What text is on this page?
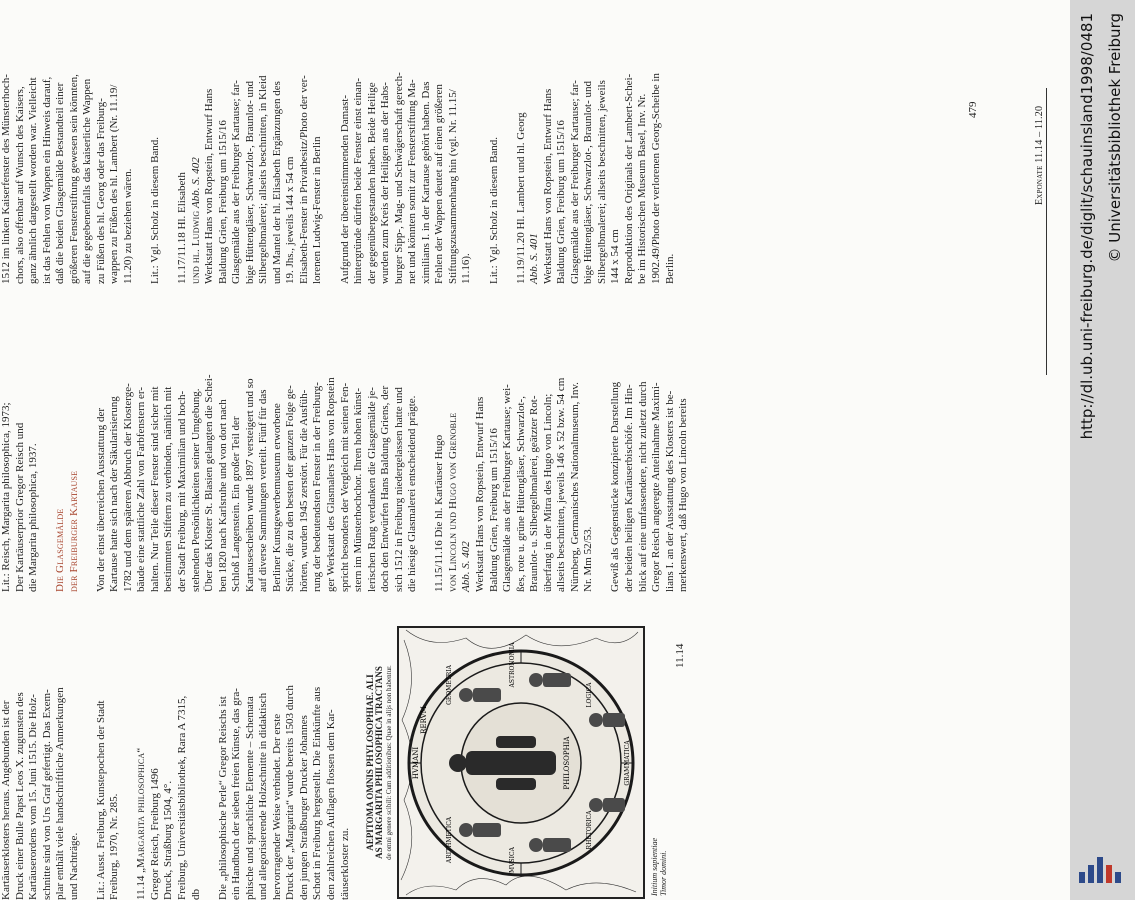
Exponate 11.14 – 11.20
479

Kartäuserklosters heraus. Angebunden ist der Druck einer Bulle Papst Leos X. zugunsten des Kartäuserordens vom 15. Juni 1515. Die Holz- schnitte sind von Urs Graf gefertigt. Das Exem- plar enthält viele handschriftliche Anmerkungen und Nachträge. Lit.: Ausst. Freiburg, Kunstepochen der Stadt Freiburg, 1970, Nr. 285. 11.14 „Margarita philosophica“

Gregor Reisch, Freiburg 1496 Druck, Straßburg 1504, 4°. Freiburg, Universitätsbibliothek, Rara A 7315, db Die „philosophische Perle“ Gregor Reischs ist ein Handbuch der sieben freien Künste, das gra- phische und sprachliche Elemente – Schemata und allegorisierende Holzschnitte in didaktisch hervorragender Weise verbindet. Der erste Druck der „Margarita“ wurde bereits 1503 durch den jungen Straßburger Drucker Johannes Schott in Freiburg hergestellt. Die Einkünfte aus den zahlreichen Auflagen flossen dem Kar- täuserkloster zu.

AEPITOMA OMNIS PHYLOSOPHIAE. ALI AS MARGARITA PHILOSOPHICA TRACTANS de omni genere scibili: Cum additionibus: Quae in alijs non habentur.	HVMANI
RERVM
PHILOSOPHIA
ARITHMETICA
GEOMETRIA
MVSICA
ASTRONOMIA
RHETORICA
LOGICA
GRAMMATICA
Initium sapientiae Timor domini.
11.14

Lit.: Reisch, Margarita philosophica, 1973; Der Kartäuserprior Gregor Reisch und die Margarita philosophica, 1937. Die Glasgemälde der Freiburger Kartause Von der einst überreichen Ausstattung der Kartause hatte sich nach der Säkularisierung 1782 und dem späteren Abbruch der Klosterge- bäude eine stattliche Zahl von Farbfenstern er- halten. Nur Teile dieser Fenster sind sicher mit bestimmten Stiftern zu verbinden, nämlich mit der Stadt Freiburg, mit Maximilian und hoch- stehenden Persönlichkeiten seiner Umgebung. Über das Kloster St. Blasien gelangten die Schei- ben 1820 nach Karlsruhe und von dort nach Schloß Langenstein. Ein großer Teil der Kartausescheiben wurde 1897 versteigert und so auf diverse Sammlungen verteilt. Fünf für das Berliner Kunstgewerbemuseum erworbene Stücke, die zu den besten der ganzen Folge ge- hörten, wurden 1945 zerstört. Für die Ausfüh- rung der bedeutendsten Fenster in der Freiburg- ger Werkstatt des Glasmalers Hans von Ropstein spricht besonders der Vergleich mit seinen Fen- stern im Münsterhochchor. Ihren hohen künst- lerischen Rang verdanken die Glasgemälde je- doch den Entwürfen Hans Baldung Griens, der sich 1512 in Freiburg niedergelassen hatte und die hiesige Glasmalerei entscheidend prägte. 11.15/11.16 Die hl. Kartäuser Hugo von Lincoln und Hugo von Grenoble Abb. S. 402 Werkstatt Hans von Ropstein, Entwurf Hans Baldung Grien, Freiburg um 1515/16 Glasgemälde aus der Freiburger Kartause; wei- ßes, rote u. grüne Hüttengläser, Schwarzlot-, Braunlot- u. Silbergelbmalerei, geätzter Rot- überfang in der Mitra des Hugo von Lincoln; allseits beschnitten, jeweils 146 x 52 bzw. 54 cm Nürnberg, Germanisches Nationalmuseum, Inv. Nr. Mm 52/53. Gewiß als Gegenstücke konzipierte Darstellung der beiden heiligen Kartäuserbischöfe. Im Hin- blick auf eine umfassendere, nicht zuletzt durch Gregor Reisch angeregte Anteilnahme Maximi- lians I. an der Ausstattung des Klosters ist be- merkenswert, daß Hugo von Lincoln bereits

1512 im linken Kaiserfenster des Münsterhoch- chors, also offenbar auf Wunsch des Kaisers, ganz ähnlich dargestellt worden war. Vielleicht ist das Fehlen von Wappen ein Hinweis darauf, daß die beiden Glasgemälde Bestandteil einer größeren Fensterstiftung gewesen sein könnten, auf die gegebenenfalls das kaiserliche Wappen zu Füßen des hl. Georg oder das Freiburg- wappen zu Füßen des hl. Lambert (Nr. 11.19/ 11.20) zu beziehen wären. Lit.: Vgl. Scholz in diesem Band. 11.17/11.18 Hl. Elisabeth und hl. Ludwig Abb. S. 402 Werkstatt Hans von Ropstein, Entwurf Hans Baldung Grien, Freiburg um 1515/16 Glasgemälde aus der Freiburger Kartause; far- bige Hüttengläser, Schwarzlot-, Braunlot- und Silbergelbmalerei; allseits beschnitten, in Kleid und Mantel der hl. Elisabeth Ergänzungen des 19. Jhs., jeweils 144 x 54 cm Elisabeth-Fenster in Privatbesitz/Photo der ver- lorenen Ludwig-Fenster in Berlin Aufgrund der übereinstimmenden Damast- hintergründe dürften beide Fenster einst einan- der gegenübergestanden haben. Beide Heilige wurden zum Kreis der Heiligen aus der Habs- burger Sipp-, Mag- und Schwägerschaft gerech- net und könnten somit zur Fensterstiftung Ma- ximilians I. in der Kartause gehört haben. Das Fehlen der Wappen deutet auf einen größeren Stiftungszusammenhang hin (vgl. Nr. 11.15/ 11.16). Lit.: Vgl. Scholz in diesem Band. 11.19/11.20 Hl. Lambert und hl. Georg Abb. S. 401 Werkstatt Hans von Ropstein, Entwurf Hans Baldung Grien, Freiburg um 1515/16 Glasgemälde aus der Freiburger Kartause; far- bige Hüttengläser, Schwarzlot-, Braunlot- und Silbergelbmalerei; allseits beschnitten, jeweils 144 x 54 cm Reproduktion des Originals der Lambert-Schei- be im Historischen Museum Basel, Inv. Nr. 1902.49/Photo der verlorenen Georg-Scheibe in Berlin.	http://dl.ub.uni-freiburg.de/diglit/schauinsland1998/0481 © Universitätsbibliothek Freiburg
